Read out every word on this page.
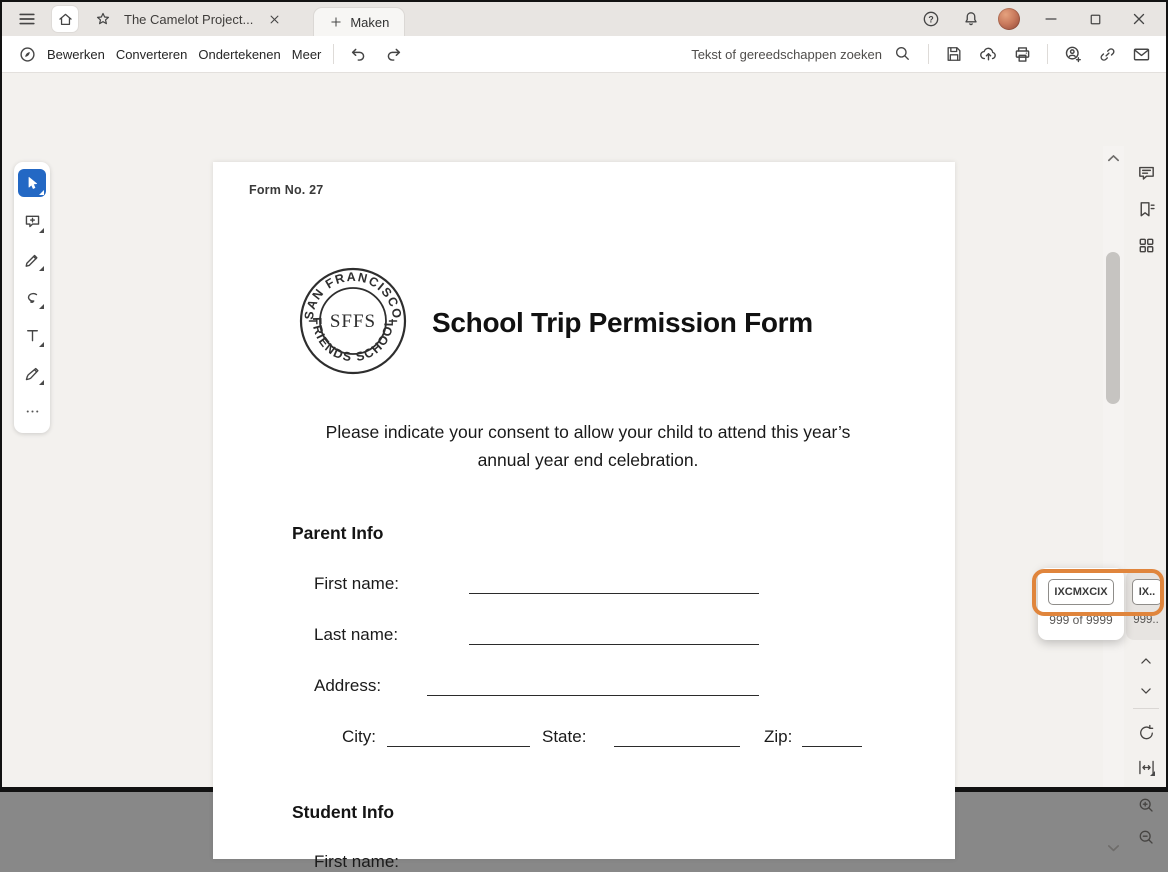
The Camelot Project...	Maken	?
Bewerken Converteren Ondertekenen Meer	Tekst of gereedschappen zoeken
Form No. 27
SAN FRANCISCO
FRIENDS SCHOOL
SFFS School Trip Permission Form
Please indicate your consent to allow your child to attend this year’s
annual year end celebration.
Parent Info
First name:
Last name:
Address:
City:	State:	Zip:
Student Info
First name:
IXCMXCIX
999 of 9999
IX..
999..
